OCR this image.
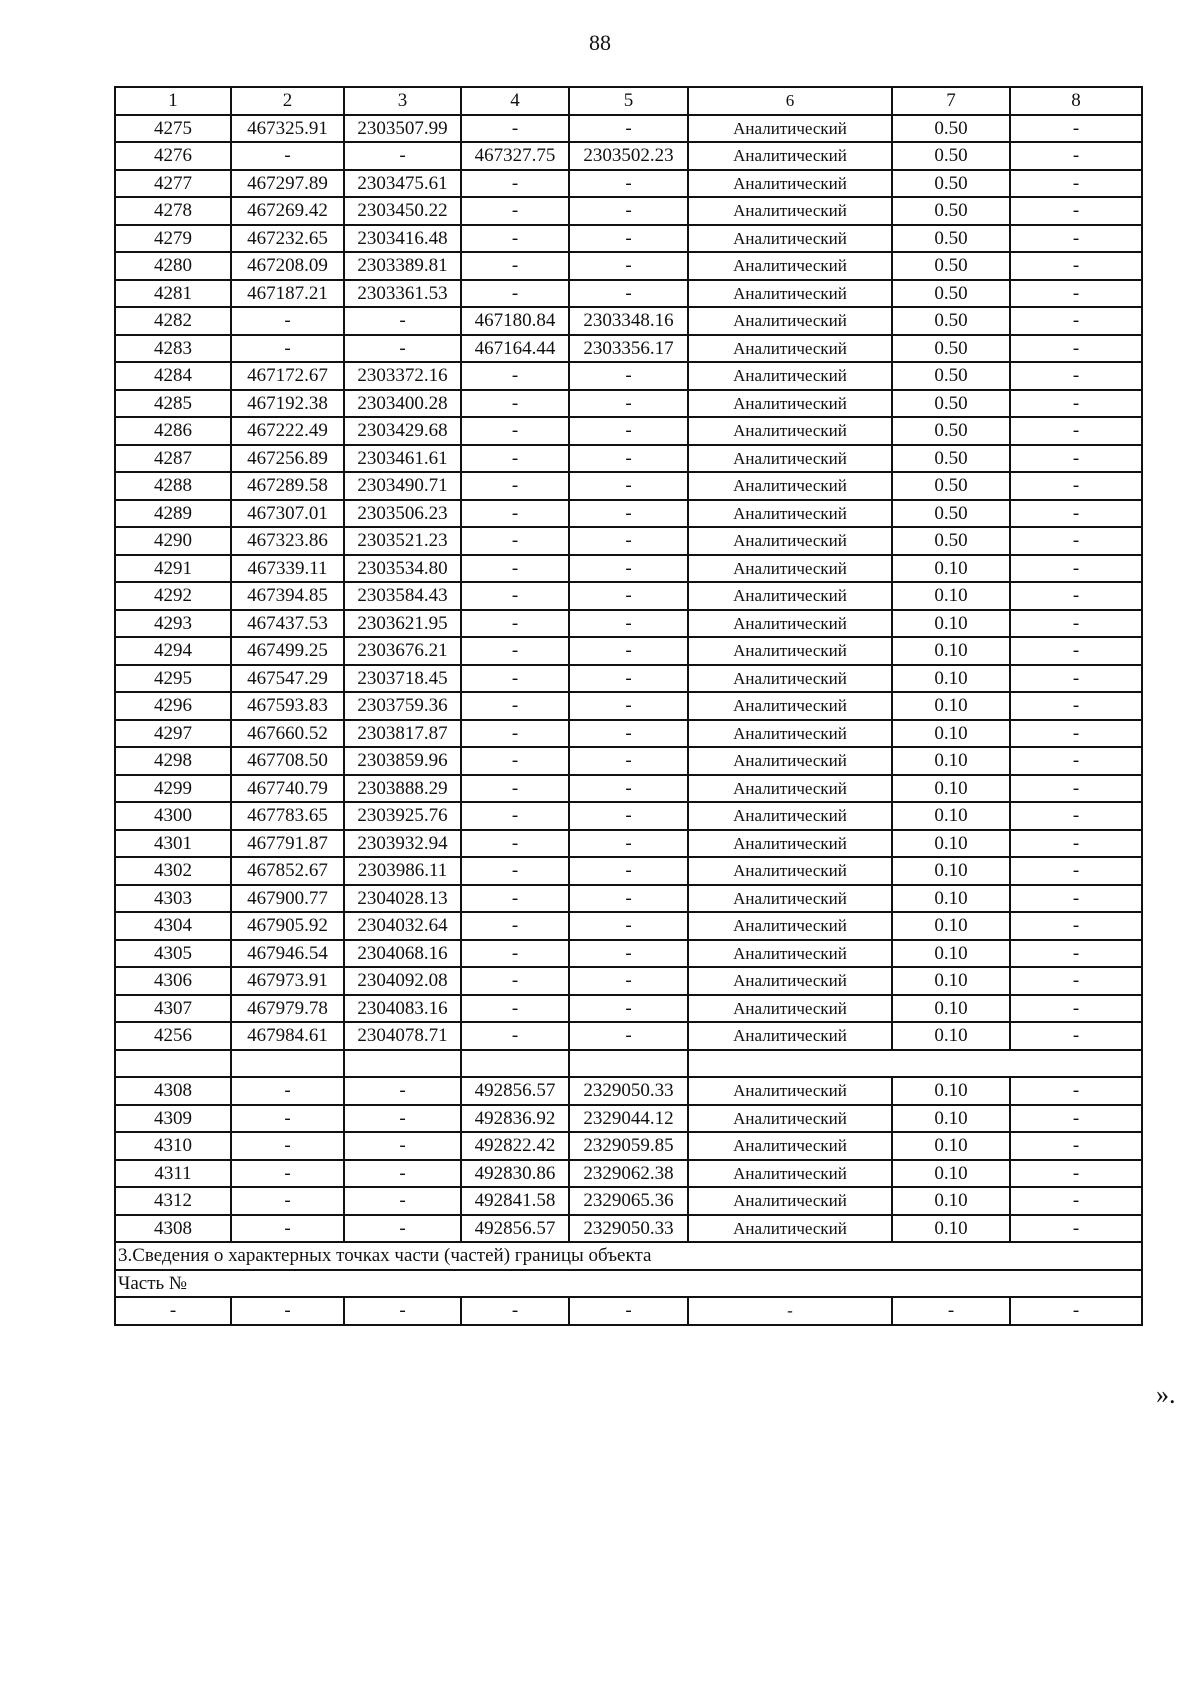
88
1	2	3	4	5	6	7	8
4275	467325.91	2303507.99	-	-	Аналитический	0.50	-
4276	-	-	467327.75	2303502.23	Аналитический	0.50	-
4277	467297.89	2303475.61	-	-	Аналитический	0.50	-
4278	467269.42	2303450.22	-	-	Аналитический	0.50	-
4279	467232.65	2303416.48	-	-	Аналитический	0.50	-
4280	467208.09	2303389.81	-	-	Аналитический	0.50	-
4281	467187.21	2303361.53	-	-	Аналитический	0.50	-
4282	-	-	467180.84	2303348.16	Аналитический	0.50	-
4283	-	-	467164.44	2303356.17	Аналитический	0.50	-
4284	467172.67	2303372.16	-	-	Аналитический	0.50	-
4285	467192.38	2303400.28	-	-	Аналитический	0.50	-
4286	467222.49	2303429.68	-	-	Аналитический	0.50	-
4287	467256.89	2303461.61	-	-	Аналитический	0.50	-
4288	467289.58	2303490.71	-	-	Аналитический	0.50	-
4289	467307.01	2303506.23	-	-	Аналитический	0.50	-
4290	467323.86	2303521.23	-	-	Аналитический	0.50	-
4291	467339.11	2303534.80	-	-	Аналитический	0.10	-
4292	467394.85	2303584.43	-	-	Аналитический	0.10	-
4293	467437.53	2303621.95	-	-	Аналитический	0.10	-
4294	467499.25	2303676.21	-	-	Аналитический	0.10	-
4295	467547.29	2303718.45	-	-	Аналитический	0.10	-
4296	467593.83	2303759.36	-	-	Аналитический	0.10	-
4297	467660.52	2303817.87	-	-	Аналитический	0.10	-
4298	467708.50	2303859.96	-	-	Аналитический	0.10	-
4299	467740.79	2303888.29	-	-	Аналитический	0.10	-
4300	467783.65	2303925.76	-	-	Аналитический	0.10	-
4301	467791.87	2303932.94	-	-	Аналитический	0.10	-
4302	467852.67	2303986.11	-	-	Аналитический	0.10	-
4303	467900.77	2304028.13	-	-	Аналитический	0.10	-
4304	467905.92	2304032.64	-	-	Аналитический	0.10	-
4305	467946.54	2304068.16	-	-	Аналитический	0.10	-
4306	467973.91	2304092.08	-	-	Аналитический	0.10	-
4307	467979.78	2304083.16	-	-	Аналитический	0.10	-
4256	467984.61	2304078.71	-	-	Аналитический	0.10	-

4308	-	-	492856.57	2329050.33	Аналитический	0.10	-
4309	-	-	492836.92	2329044.12	Аналитический	0.10	-
4310	-	-	492822.42	2329059.85	Аналитический	0.10	-
4311	-	-	492830.86	2329062.38	Аналитический	0.10	-
4312	-	-	492841.58	2329065.36	Аналитический	0.10	-
4308	-	-	492856.57	2329050.33	Аналитический	0.10	-
3.Сведения о характерных точках части (частей) границы объекта							
Часть №							
-	-	-	-	-	-	-	-
».
